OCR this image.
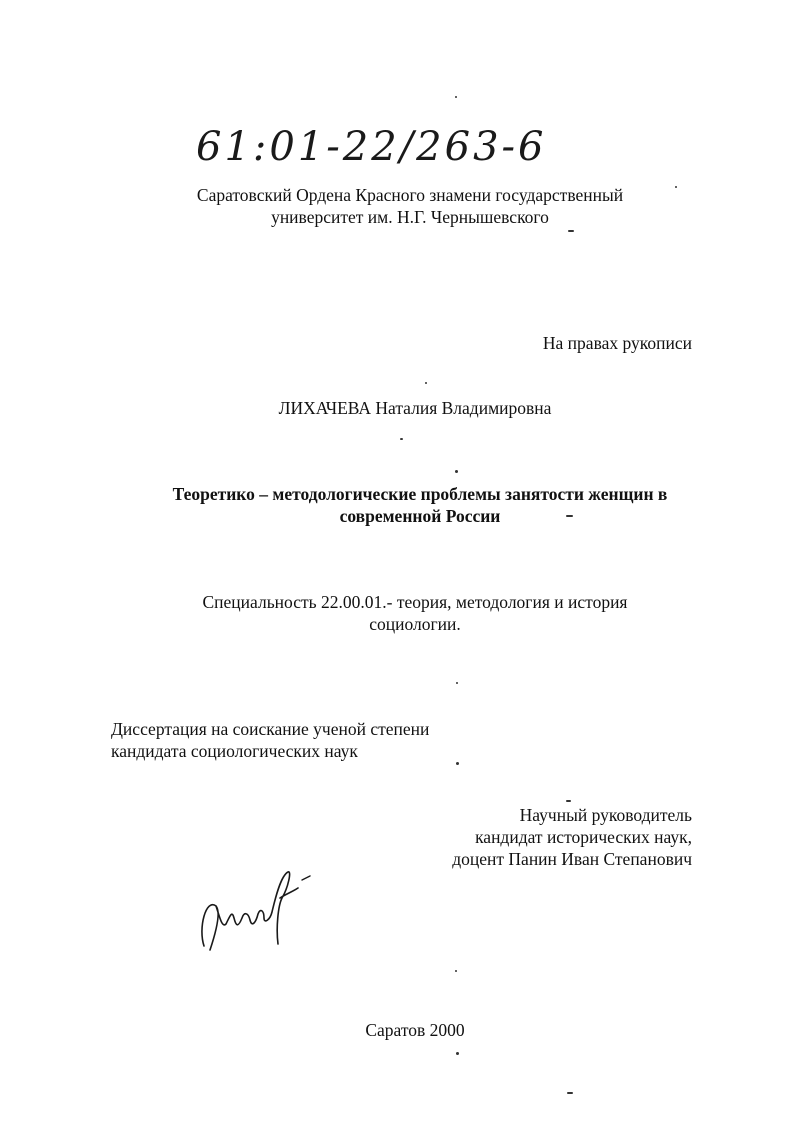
61:01-22/263-6
Саратовский Ордена Красного знамени государственный
университет им. Н.Г. Чернышевского
На правах рукописи
ЛИХАЧЕВА Наталия Владимировна
Теоретико – методологические проблемы занятости женщин в
современной России
Специальность 22.00.01.- теория, методология и история
социологии.
Диссертация на соискание ученой степени
кандидата социологических наук
Научный руководитель
кандидат исторических наук,
доцент Панин Иван Степанович
Саратов 2000
